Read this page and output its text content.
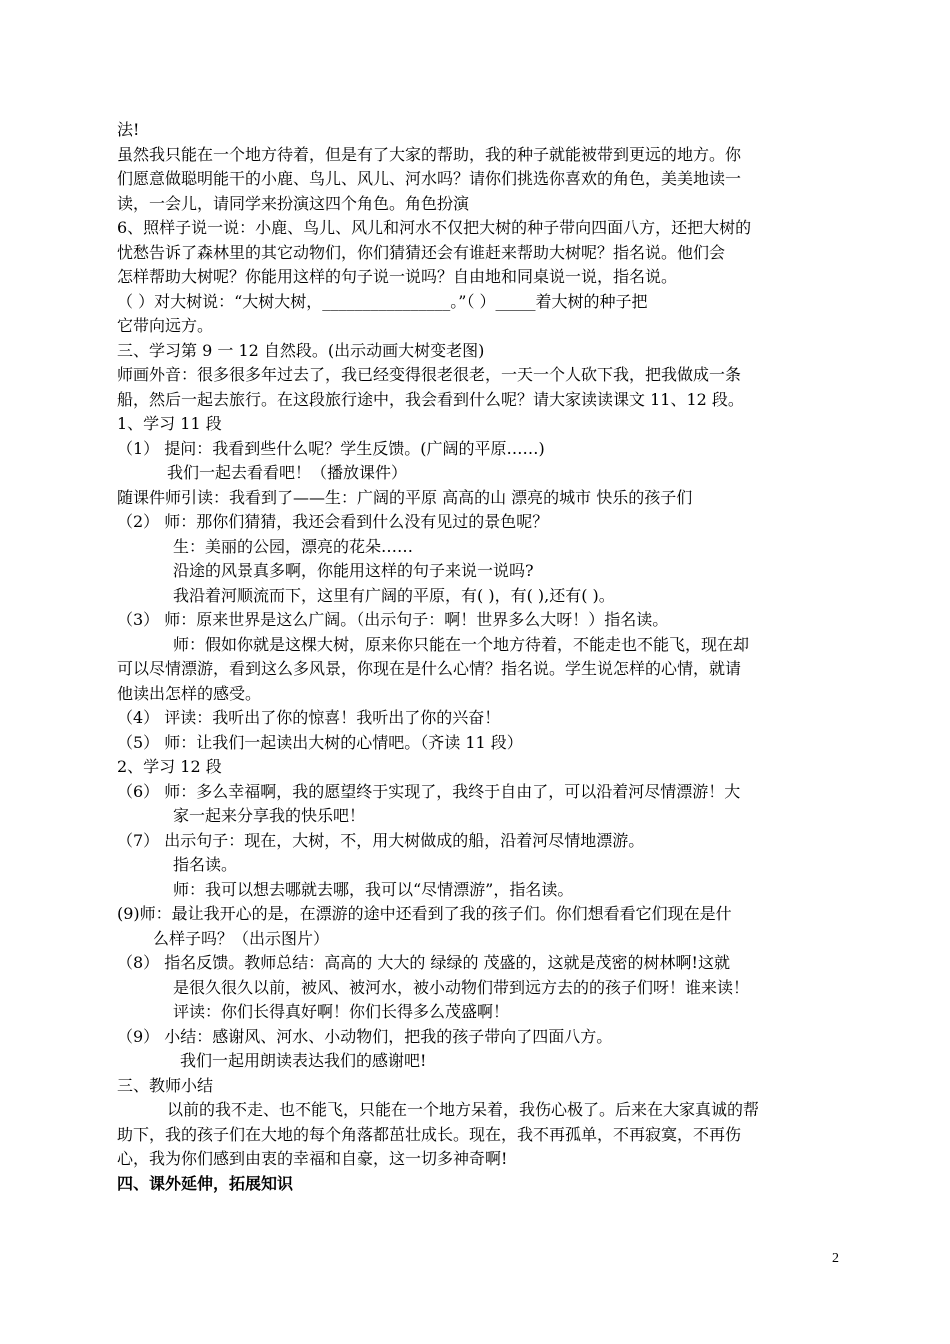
法!
虽然我只能在一个地方待着，但是有了大家的帮助，我的种子就能被带到更远的地方。你
们愿意做聪明能干的小鹿、鸟儿、风儿、河水吗？请你们挑选你喜欢的角色，美美地读一
读，一会儿，请同学来扮演这四个角色。角色扮演
6、照样子说一说：小鹿、鸟儿、风儿和河水不仅把大树的种子带向四面八方，还把大树的
忧愁告诉了森林里的其它动物们，你们猜猜还会有谁赶来帮助大树呢？指名说。他们会
怎样帮助大树呢？你能用这样的句子说一说吗？自由地和同桌说一说，指名说。
（ ）对大树说：“大树大树，________________。”（ ）_____着大树的种子把
它带向远方。
三、学习第 9 一 12 自然段。(出示动画大树变老图)
师画外音：很多很多年过去了，我已经变得很老很老，一天一个人砍下我，把我做成一条
船，然后一起去旅行。在这段旅行途中，我会看到什么呢？请大家读读课文 11、12 段。
1、学习 11 段
（1） 提问：我看到些什么呢？学生反馈。(广阔的平原……)
我们一起去看看吧！（播放课件）
随课件师引读：我看到了——生：广阔的平原 高高的山 漂亮的城市 快乐的孩子们
（2） 师：那你们猜猜，我还会看到什么没有见过的景色呢？
生：美丽的公园，漂亮的花朵……
沿途的风景真多啊，你能用这样的句子来说一说吗?
我沿着河顺流而下，这里有广阔的平原，有( )，有( ),还有( )。
（3） 师：原来世界是这么广阔。（出示句子：啊！世界多么大呀！）指名读。
师：假如你就是这棵大树，原来你只能在一个地方待着，不能走也不能飞，现在却
可以尽情漂游，看到这么多风景，你现在是什么心情？指名说。学生说怎样的心情，就请
他读出怎样的感受。
（4） 评读：我听出了你的惊喜！我听出了你的兴奋！
（5） 师：让我们一起读出大树的心情吧。（齐读 11 段）
2、学习 12 段
（6） 师：多么幸福啊，我的愿望终于实现了，我终于自由了，可以沿着河尽情漂游！大
家一起来分享我的快乐吧！
（7） 出示句子：现在，大树，不，用大树做成的船，沿着河尽情地漂游。
指名读。
师：我可以想去哪就去哪，我可以“尽情漂游”，指名读。
(9)师：最让我开心的是，在漂游的途中还看到了我的孩子们。你们想看看它们现在是什
么样子吗？（出示图片）
（8） 指名反馈。教师总结：高高的 大大的 绿绿的 茂盛的，这就是茂密的树林啊!这就
是很久很久以前，被风、被河水，被小动物们带到远方去的的孩子们呀！谁来读！
评读：你们长得真好啊！你们长得多么茂盛啊！
（9） 小结：感谢风、河水、小动物们，把我的孩子带向了四面八方。
我们一起用朗读表达我们的感谢吧!
三、教师小结
以前的我不走、也不能飞，只能在一个地方呆着，我伤心极了。后来在大家真诚的帮
助下，我的孩子们在大地的每个角落都茁壮成长。现在，我不再孤单，不再寂寞，不再伤
心，我为你们感到由衷的幸福和自豪，这一切多神奇啊!
四、课外延伸，拓展知识
2
